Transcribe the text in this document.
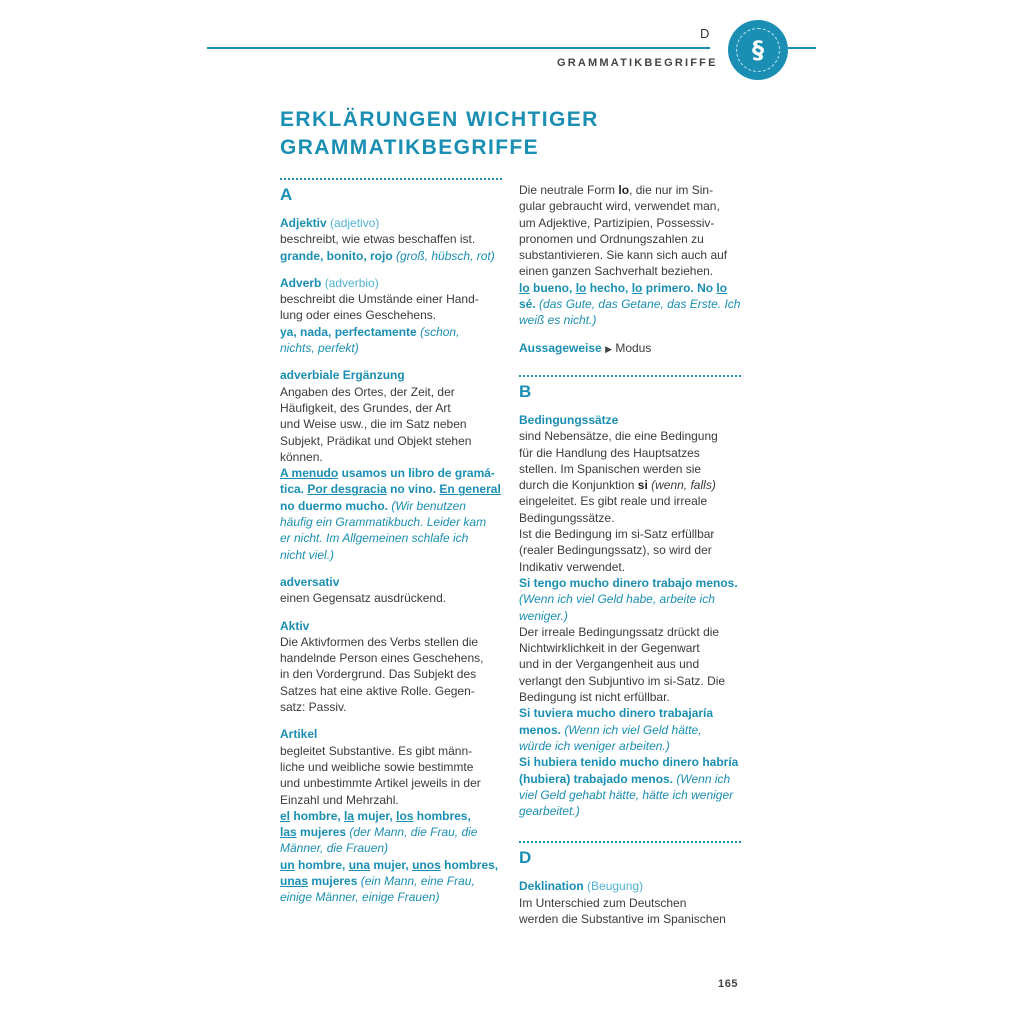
D
GRAMMATIKBEGRIFFE §
ERKLÄRUNGEN WICHTIGER
GRAMMATIKBEGRIFFE
A

Adjektiv (adjetivo)

beschreibt, wie etwas beschaffen ist.

grande, bonito, rojo (groß, hübsch, rot)

Adverb (adverbio)

beschreibt die Umstände einer Hand-

lung oder eines Geschehens.

ya, nada, perfectamente (schon,

nichts, perfekt)

adverbiale Ergänzung

Angaben des Ortes, der Zeit, der

Häufigkeit, des Grundes, der Art

und Weise usw., die im Satz neben

Subjekt, Prädikat und Objekt stehen

können.

A menudo usamos un libro de gramá-

tica. Por desgracia no vino. En general

no duermo mucho. (Wir benutzen

häufig ein Grammatikbuch. Leider kam

er nicht. Im Allgemeinen schlafe ich

nicht viel.)

adversativ

einen Gegensatz ausdrückend.

Aktiv

Die Aktivformen des Verbs stellen die

handelnde Person eines Geschehens,

in den Vordergrund. Das Subjekt des

Satzes hat eine aktive Rolle. Gegen-

satz: Passiv.

Artikel

begleitet Substantive. Es gibt männ-

liche und weibliche sowie bestimmte

und unbestimmte Artikel jeweils in der

Einzahl und Mehrzahl.

el hombre, la mujer, los hombres,

las mujeres (der Mann, die Frau, die

Männer, die Frauen)

un hombre, una mujer, unos hombres,

unas mujeres (ein Mann, eine Frau,

einige Männer, einige Frauen)

Die neutrale Form lo, die nur im Sin-

gular gebraucht wird, verwendet man,

um Adjektive, Partizipien, Possessiv-

pronomen und Ordnungszahlen zu

substantivieren. Sie kann sich auch auf

einen ganzen Sachverhalt beziehen.

lo bueno, lo hecho, lo primero. No lo

sé. (das Gute, das Getane, das Erste. Ich

weiß es nicht.)

Aussageweise ▶ Modus

B

Bedingungssätze

sind Nebensätze, die eine Bedingung

für die Handlung des Hauptsatzes

stellen. Im Spanischen werden sie

durch die Konjunktion si (wenn, falls)

eingeleitet. Es gibt reale und irreale

Bedingungssätze.

Ist die Bedingung im si-Satz erfüllbar

(realer Bedingungssatz), so wird der

Indikativ verwendet.

Si tengo mucho dinero trabajo menos.

(Wenn ich viel Geld habe, arbeite ich

weniger.)

Der irreale Bedingungssatz drückt die

Nichtwirklichkeit in der Gegenwart

und in der Vergangenheit aus und

verlangt den Subjuntivo im si-Satz. Die

Bedingung ist nicht erfüllbar.

Si tuviera mucho dinero trabajaría

menos. (Wenn ich viel Geld hätte,

würde ich weniger arbeiten.)

Si hubiera tenido mucho dinero habría

(hubiera) trabajado menos. (Wenn ich

viel Geld gehabt hätte, hätte ich weniger

gearbeitet.)

D

Deklination (Beugung)

Im Unterschied zum Deutschen

werden die Substantive im Spanischen

165
